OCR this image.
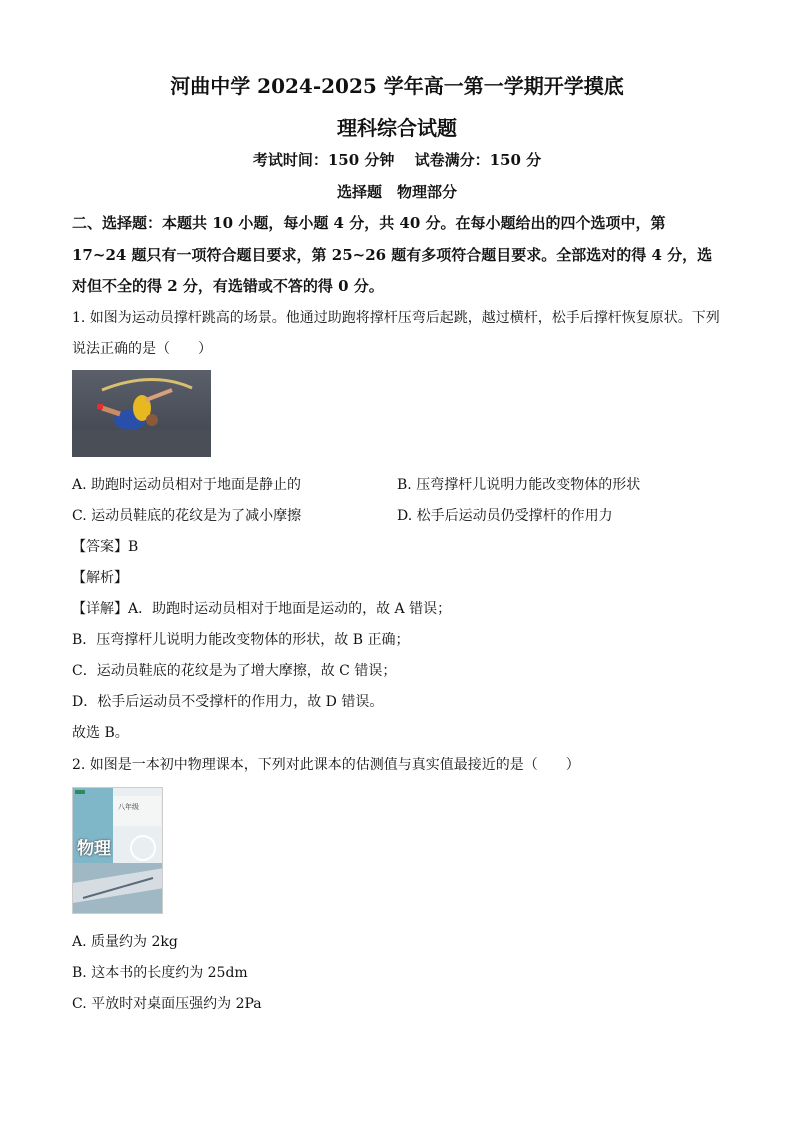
河曲中学 2024-2025 学年高一第一学期开学摸底
理科综合试题
考试时间：150 分钟　 试卷满分：150 分
选择题　物理部分
二、选择题：本题共 10 小题，每小题 4 分，共 40 分。在每小题给出的四个选项中，第
17~24 题只有一项符合题目要求，第 25~26 题有多项符合题目要求。全部选对的得 4 分，选
对但不全的得 2 分，有选错或不答的得 0 分。
1. 如图为运动员撑杆跳高的场景。他通过助跑将撑杆压弯后起跳，越过横杆，松手后撑杆恢复原状。下列
说法正确的是（　　）
A. 助跑时运动员相对于地面是静止的	B. 压弯撑杆儿说明力能改变物体的形状
C. 运动员鞋底的花纹是为了减小摩擦	D. 松手后运动员仍受撑杆的作用力
【答案】B
【解析】
【详解】A．助跑时运动员相对于地面是运动的，故 A 错误；
B．压弯撑杆儿说明力能改变物体的形状，故 B 正确；
C．运动员鞋底的花纹是为了增大摩擦，故 C 错误；
D．松手后运动员不受撑杆的作用力，故 D 错误。
故选 B。
2. 如图是一本初中物理课本，下列对此课本的估测值与真实值最接近的是（　　）
八年级
物理
A. 质量约为 2kg
B. 这本书的长度约为 25dm
C. 平放时对桌面压强约为 2Pa
